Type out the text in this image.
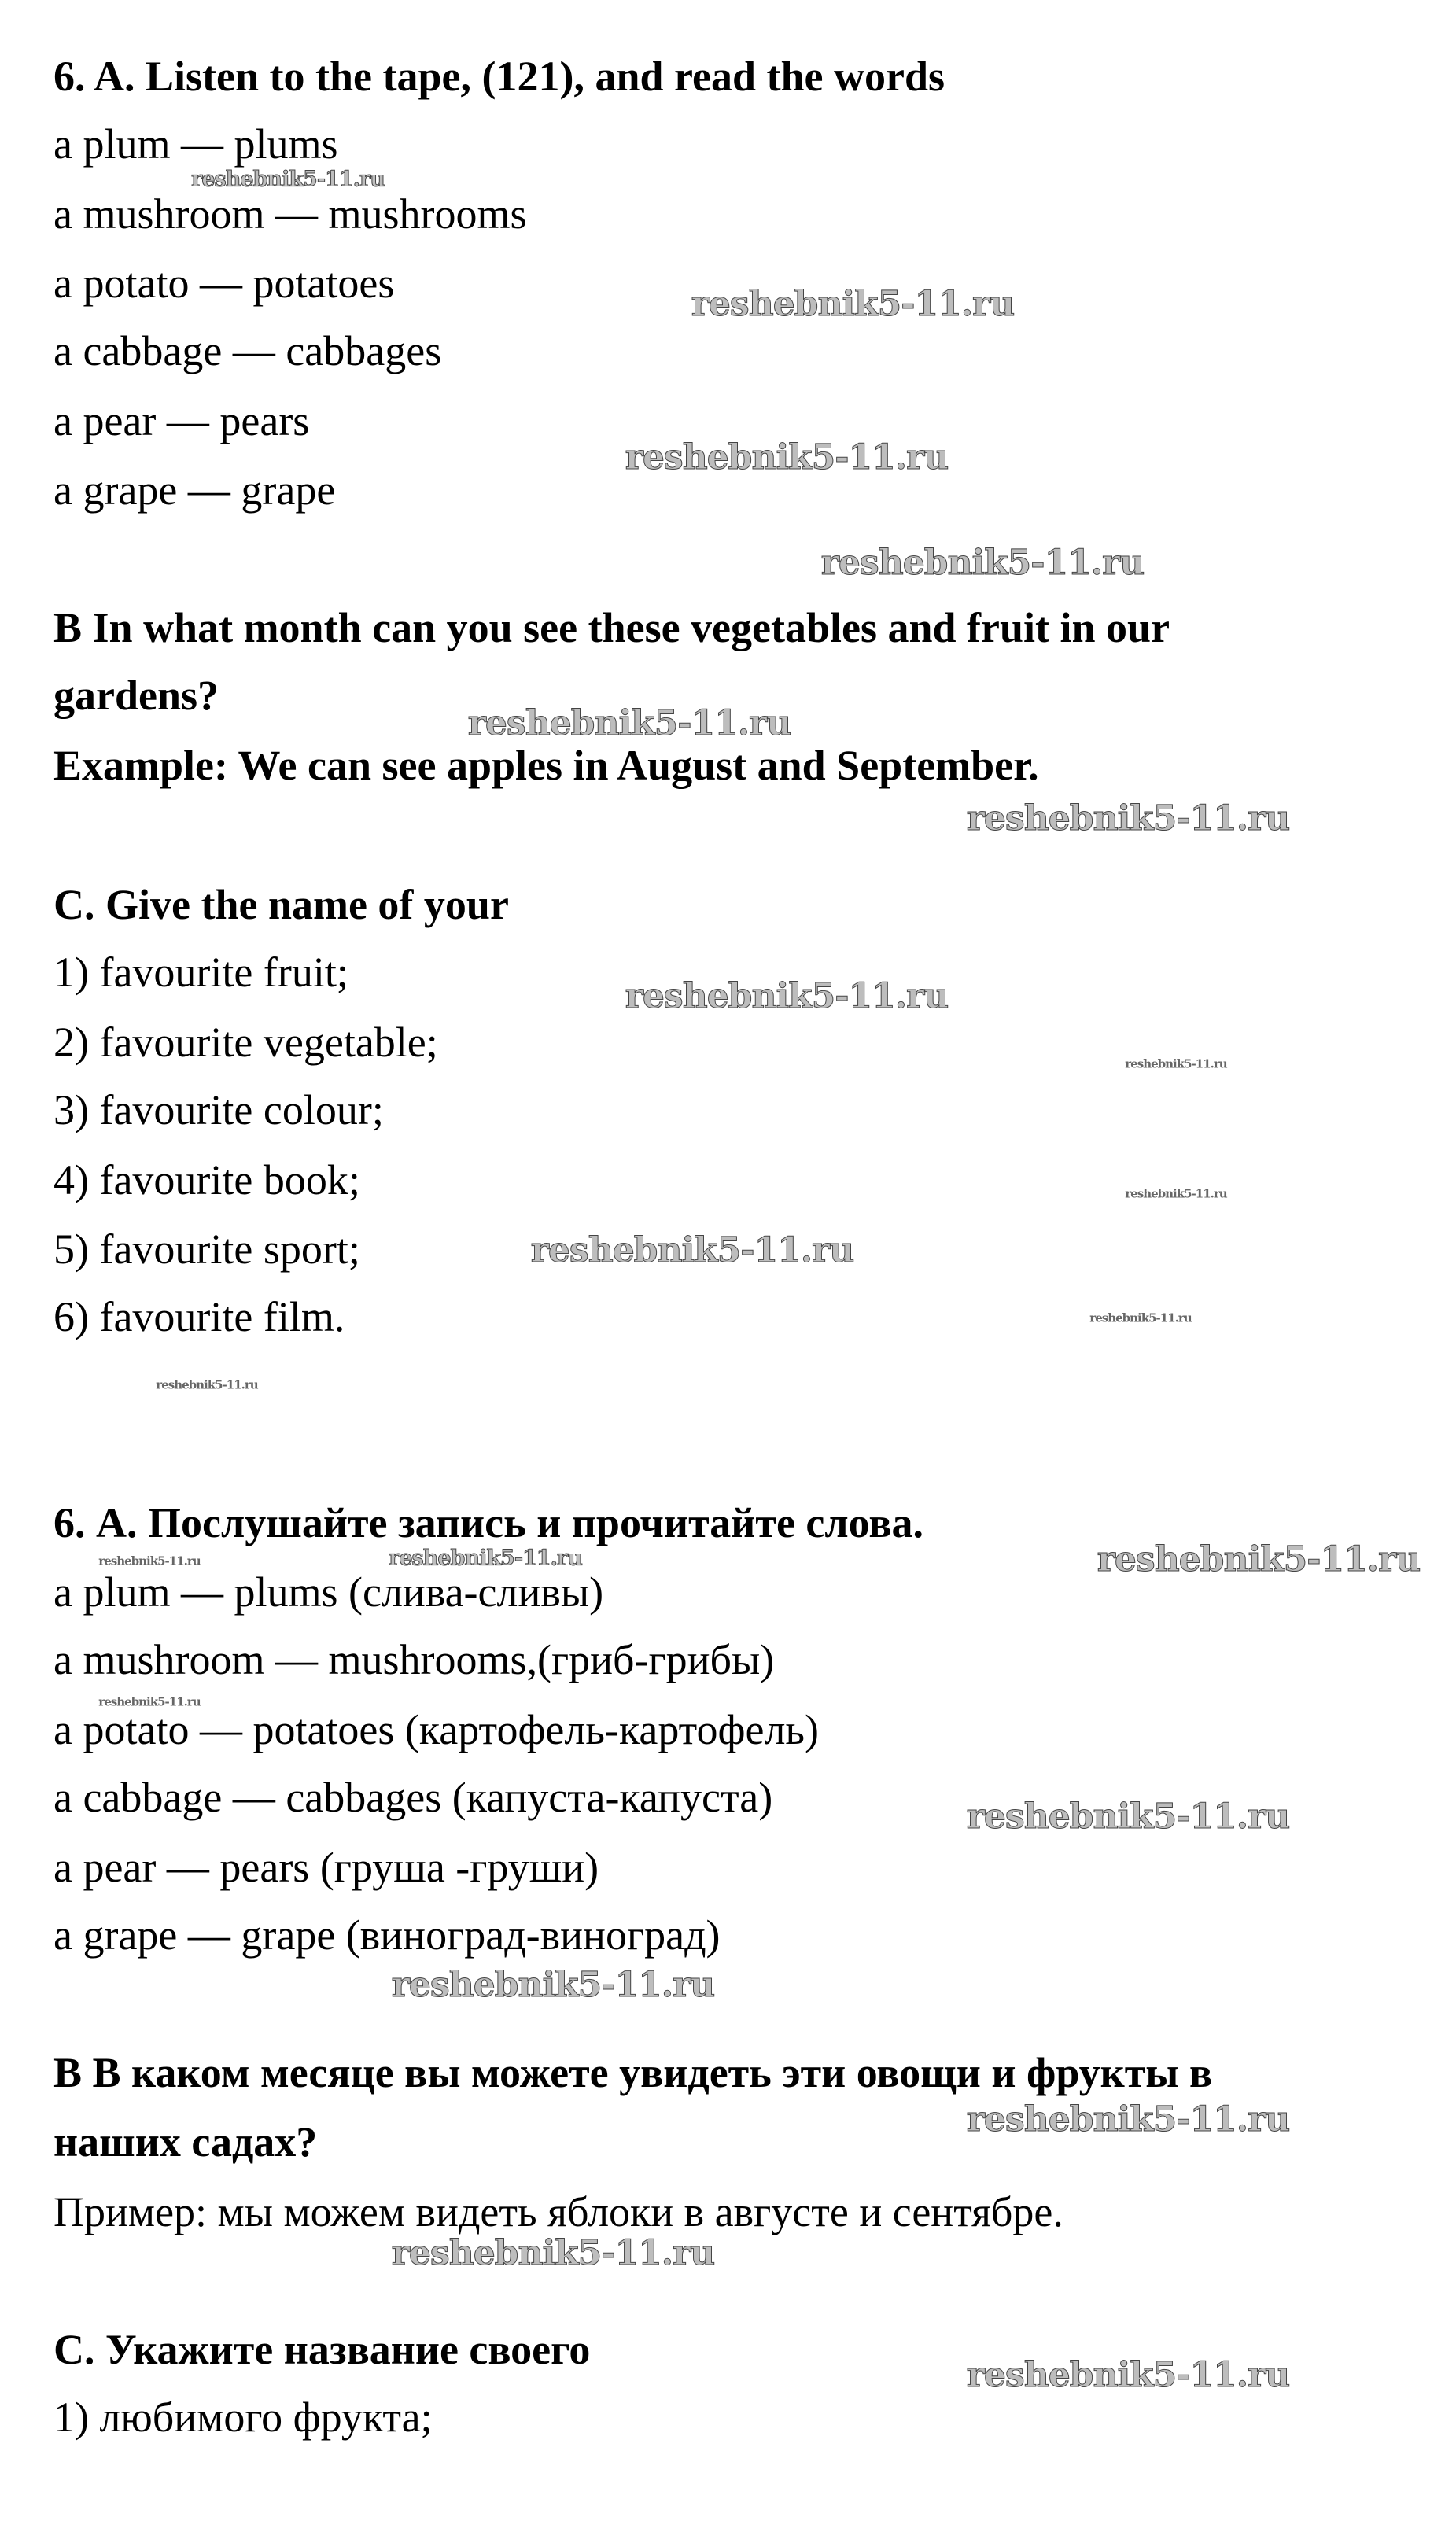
6. A. Listen to the tape, (121), and read the words
a plum — plums
a mushroom — mushrooms
a potato — potatoes
a cabbage — cabbages
a pear — pears
a grape — grape
B In what month can you see these vegetables and fruit in our
gardens?
Example: We can see apples in August and September.
C. Give the name of your
1) favourite fruit;
2) favourite vegetable;
3) favourite colour;
4) favourite book;
5) favourite sport;
6) favourite film.
6. А. Послушайте запись и прочитайте слова.
a plum — plums (слива-сливы)
a mushroom — mushrooms,(гриб-грибы)
a potato — potatoes (картофель-картофель)
a cabbage — cabbages (капуста-капуста)
a pear — pears (груша -груши)
a grape — grape (виноград-виноград)
В В каком месяце вы можете увидеть эти овощи и фрукты в
наших садах?
Пример: мы можем видеть яблоки в августе и сентябре.
С. Укажите название своего
1) любимого фрукта;
reshebnik5-11.ru
reshebnik5-11.ru
reshebnik5-11.ru
reshebnik5-11.ru
reshebnik5-11.ru
reshebnik5-11.ru
reshebnik5-11.ru
reshebnik5-11.ru
reshebnik5-11.ru
reshebnik5-11.ru
reshebnik5-11.ru
reshebnik5-11.ru
reshebnik5-11.ru
reshebnik5-11.ru
reshebnik5-11.ru
reshebnik5-11.ru
reshebnik5-11.ru
reshebnik5-11.ru
reshebnik5-11.ru
reshebnik5-11.ru
reshebnik5-11.ru
